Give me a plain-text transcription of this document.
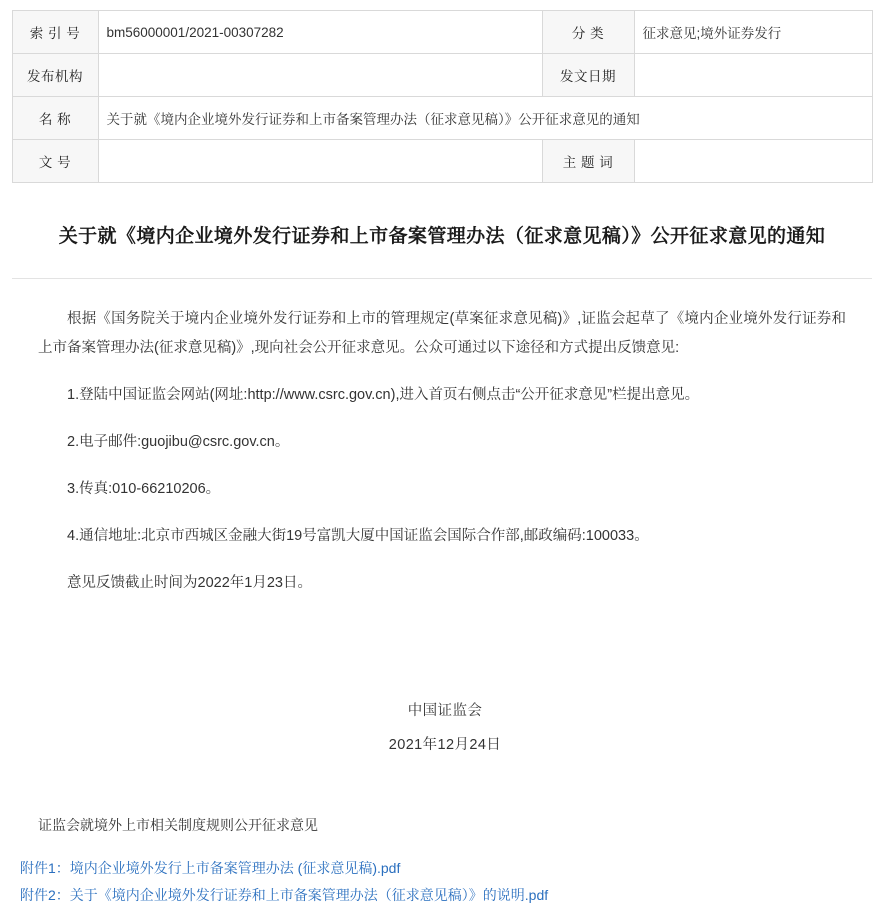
索 引 号	bm56000001/2021-00307282	分 类	征求意见;境外证券发行
发布机构		发文日期	
名 称	关于就《境内企业境外发行证券和上市备案管理办法（征求意见稿）》公开征求意见的通知		
文 号		主 题 词	
关于就《境内企业境外发行证券和上市备案管理办法（征求意见稿）》公开征求意见的通知

根据《国务院关于境内企业境外发行证券和上市的管理规定(草案征求意见稿)》,证监会起草了《境内企业境外发行证券和上市备案管理办法(征求意见稿)》,现向社会公开征求意见。公众可通过以下途径和方式提出反馈意见:

1.登陆中国证监会网站(网址:http://www.csrc.gov.cn),进入首页右侧点击“公开征求意见”栏提出意见。

2.电子邮件:guojibu@csrc.gov.cn。

3.传真:010-66210206。

4.通信地址:北京市西城区金融大街19号富凯大厦中国证监会国际合作部,邮政编码:100033。

意见反馈截止时间为2022年1月23日。

中国证监会
2021年12月24日

证监会就境外上市相关制度规则公开征求意见

附件1：境内企业境外发行上市备案管理办法 (征求意见稿).pdf

附件2：关于《境内企业境外发行证券和上市备案管理办法（征求意见稿）》的说明.pdf
